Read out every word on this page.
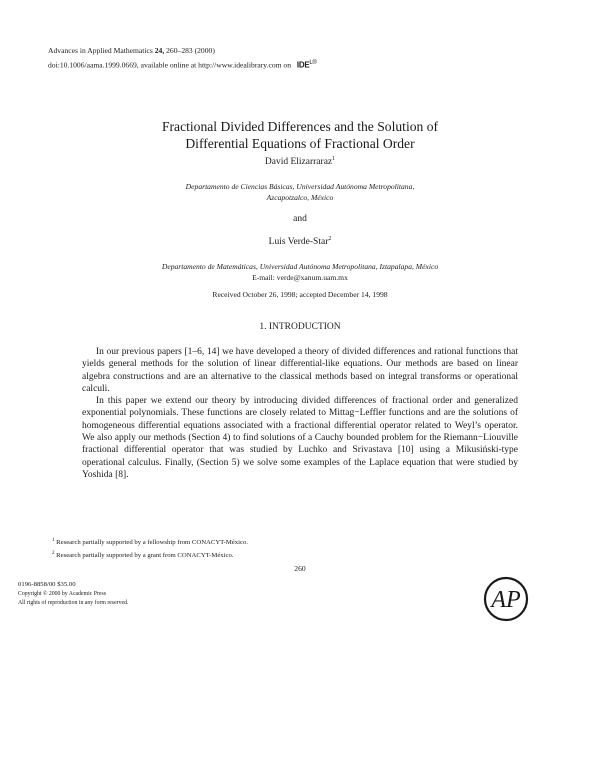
Advances in Applied Mathematics 24, 260–283 (2000)
doi:10.1006/aama.1999.0669, available online at http://www.idealibrary.com on $IDE^{L®}$
Fractional Divided Differences and the Solution of
Differential Equations of Fractional Order
David Elizarraraz$^1$
Departamento de Ciencias Básicas, Universidad Autónoma Metropolitana,
Azcapotzalco, México
and
Luis Verde-Star$^2$
Departamento de Matemáticas, Universidad Autónoma Metropolitana, Iztapalapa, México
E-mail: verde@xanum.uam.mx
Received October 26, 1998; accepted December 14, 1998
1. INTRODUCTION

In our previous papers [1–6, 14] we have developed a theory of divided differences and rational functions that yields general methods for the solution of linear differential-like equations. Our methods are based on linear algebra constructions and are an alternative to the classical methods based on integral transforms or operational calculi.

In this paper we extend our theory by introducing divided differences of fractional order and generalized exponential polynomials. These functions are closely related to Mittag−Leffler functions and are the solutions of homogeneous differential equations associated with a fractional differential operator related to Weyl’s operator. We also apply our methods (Section 4) to find solutions of a Cauchy bounded problem for the Riemann−Liouville fractional differential operator that was studied by Luchko and Srivastava [10] using a Mikusiński-type operational calculus. Finally, (Section 5) we solve some examples of the Laplace equation that were studied by Yoshida [8].

$^1$ Research partially supported by a fellowship from CONACYT-México.
$^2$ Research partially supported by a grant from CONACYT-México.
260
0196-8858/00 $35.00
Copyright © 2000 by Academic Press
All rights of reproduction in any form reserved.	AP
